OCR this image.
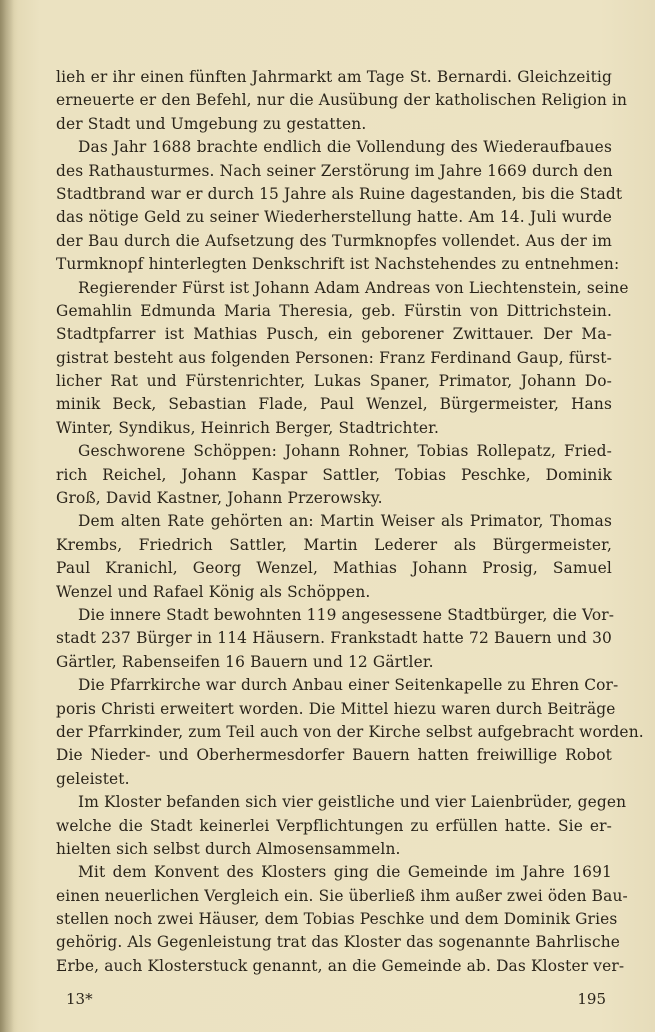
lieh er ihr einen fünften Jahrmarkt am Tage St. Bernardi. Gleichzeitig
erneuerte er den Befehl, nur die Ausübung der katholischen Religion in
der Stadt und Umgebung zu gestatten.
Das Jahr 1688 brachte endlich die Vollendung des Wiederaufbaues
des Rathausturmes. Nach seiner Zerstörung im Jahre 1669 durch den
Stadtbrand war er durch 15 Jahre als Ruine dagestanden, bis die Stadt
das nötige Geld zu seiner Wiederherstellung hatte. Am 14. Juli wurde
der Bau durch die Aufsetzung des Turmknopfes vollendet. Aus der im
Turmknopf hinterlegten Denkschrift ist Nachstehendes zu entnehmen:
Regierender Fürst ist Johann Adam Andreas von Liechtenstein, seine
Gemahlin Edmunda Maria Theresia, geb. Fürstin von Dittrichstein.
Stadtpfarrer ist Mathias Pusch, ein geborener Zwittauer. Der Ma-
gistrat besteht aus folgenden Personen: Franz Ferdinand Gaup, fürst-
licher Rat und Fürstenrichter, Lukas Spaner, Primator, Johann Do-
minik Beck, Sebastian Flade, Paul Wenzel, Bürgermeister, Hans
Winter, Syndikus, Heinrich Berger, Stadtrichter.
Geschworene Schöppen: Johann Rohner, Tobias Rollepatz, Fried-
rich Reichel, Johann Kaspar Sattler, Tobias Peschke, Dominik
Groß, David Kastner, Johann Przerowsky.
Dem alten Rate gehörten an: Martin Weiser als Primator, Thomas
Krembs, Friedrich Sattler, Martin Lederer als Bürgermeister,
Paul Kranichl, Georg Wenzel, Mathias Johann Prosig, Samuel
Wenzel und Rafael König als Schöppen.
Die innere Stadt bewohnten 119 angesessene Stadtbürger, die Vor-
stadt 237 Bürger in 114 Häusern. Frankstadt hatte 72 Bauern und 30
Gärtler, Rabenseifen 16 Bauern und 12 Gärtler.
Die Pfarrkirche war durch Anbau einer Seitenkapelle zu Ehren Cor-
poris Christi erweitert worden. Die Mittel hiezu waren durch Beiträge
der Pfarrkinder, zum Teil auch von der Kirche selbst aufgebracht worden.
Die Nieder- und Oberhermesdorfer Bauern hatten freiwillige Robot
geleistet.
Im Kloster befanden sich vier geistliche und vier Laienbrüder, gegen
welche die Stadt keinerlei Verpflichtungen zu erfüllen hatte. Sie er-
hielten sich selbst durch Almosensammeln.
Mit dem Konvent des Klosters ging die Gemeinde im Jahre 1691
einen neuerlichen Vergleich ein. Sie überließ ihm außer zwei öden Bau-
stellen noch zwei Häuser, dem Tobias Peschke und dem Dominik Gries
gehörig. Als Gegenleistung trat das Kloster das sogenannte Bahrlische
Erbe, auch Klosterstuck genannt, an die Gemeinde ab. Das Kloster ver-
13*	195
